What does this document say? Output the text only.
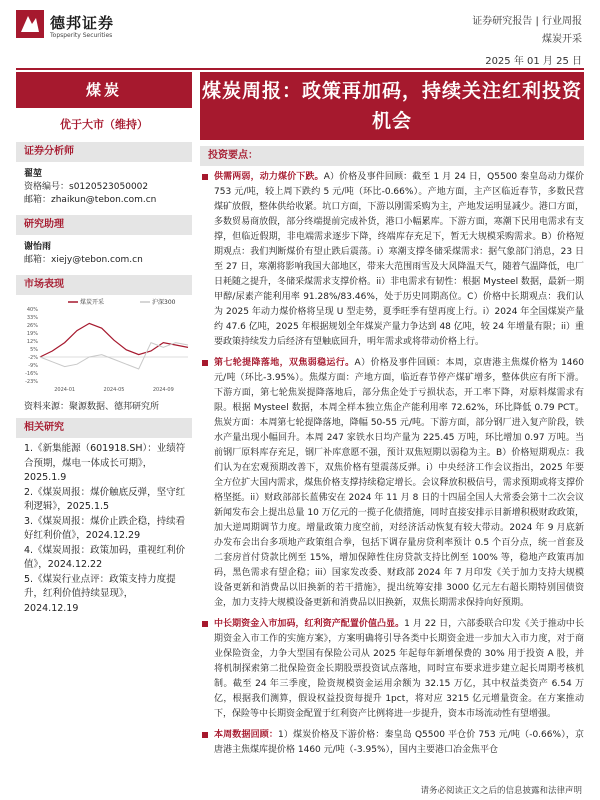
德邦证券
Topsperity Securities
证券研究报告 | 行业周报
煤炭开采
2025 年 01 月 25 日
煤炭
优于大市（维持）
证券分析师
翟堃
资格编号：s0120523050002
邮箱：zhaikun@tebon.com.cn
研究助理
谢怡雨
邮箱：xiejy@tebon.com.cn
市场表现
40%
33%
26%
19%
12%
5%
-2%
-9%
-16%
-23%
2024-01	2024-05	2024-09
煤炭开采	沪深300
资料来源：聚源数据、德邦研究所
相关研究
1.《新集能源（601918.SH）：业绩符合预期，煤电一体成长可期》，2025.1.9
2.《煤炭周报：煤价触底反弹，坚守红利逻辑》，2025.1.5
3.《煤炭周报：煤价止跌企稳，持续看好红利价值》，2024.12.29
4.《煤炭周报：政策加码，重视红利价值》，2024.12.22
5.《煤炭行业点评：政策支持力度提升，红利价值持续显现》，2024.12.19
煤炭周报：政策再加码，持续关注红利投资机会
投资要点：
供需两弱，动力煤价下跌。A）价格及事件回顾：截至 1 月 24 日，Q5500 秦皇岛动力煤价 753 元/吨，较上周下跌约 5 元/吨（环比-0.66%）。产地方面，主产区临近春节，多数民营煤矿放假，整体供给收紧。坑口方面，下游以刚需采购为主，产地发运明显减少。港口方面，多数贸易商放假，部分终端提前完成补货，港口小幅累库。下游方面，寒潮下民用电需求有支撑，但临近假期，非电端需求逐步下降，终端库存充足下，暂无大规模采购需求。B）价格短期观点：我们判断煤价有望止跌后震荡。i）寒潮支撑冬储采煤需求：据气象部门消息，23 日至 27 日，寒潮将影响我国大部地区，带来大范围雨雪及大风降温天气，随着气温降低，电厂日耗随之提升，冬储采煤需求支撑价格。ii）非电需求有韧性：根据 Mysteel 数据，最新一期甲醇/尿素产能利用率 91.28%/83.46%，处于历史同期高位。C）价格中长期观点：我们认为 2025 年动力煤价格将呈现 U 型走势，夏季旺季有望再度上行。i）2024 年全国煤炭产量约 47.6 亿吨，2025 年根据规划全年煤炭产量力争达到 48 亿吨，较 24 年增量有限；ii）重要政策持续发力后经济有望触底回升，明年需求或将带动价格上行。
第七轮提降落地，双焦弱稳运行。A）价格及事件回顾：本周，京唐港主焦煤价格为 1460 元/吨（环比-3.95%）。焦煤方面：产地方面，临近春节停产煤矿增多，整体供应有所下滑。下游方面，第七轮焦炭提降落地后，部分焦企处于亏损状态，开工率下降，对原料煤需求有限。根据 Mysteel 数据，本周全样本独立焦企产能利用率 72.62%，环比降低 0.79 PCT。焦炭方面：本周第七轮提降落地，降幅 50-55 元/吨。下游方面，部分钢厂进入复产阶段，铁水产量出现小幅回升。本周 247 家铁水日均产量为 225.45 万吨，环比增加 0.97 万吨。当前钢厂原料库存充足，钢厂补库意愿不强，预计双焦短期以弱稳为主。B）价格短期观点：我们认为在宏观预期改善下，双焦价格有望震荡反弹。i）中央经济工作会议指出，2025 年要全方位扩大国内需求，煤焦价格支撑持续稳定增长。会议释放积极信号，需求预期或将支撑价格坚挺。ii）财政部部长蓝佛安在 2024 年 11 月 8 日的十四届全国人大常委会第十二次会议新闻发布会上提出总量 10 万亿元的一揽子化债措施，同时直接安排示目新增积极财政政策，加大逆周期调节力度。增量政策力度空前，对经济活动恢复有较大带动。2024 年 9 月底新办发布会出台多项地产政策组合拳，包括下调存量房贷利率预计 0.5 个百分点，统一首套及二套房首付贷款比例至 15%，增加保障性住房贷款支持比例至 100% 等，稳地产政策再加码，黑色需求有望企稳；iii）国家发改委、财政部 2024 年 7 月印发《关于加力支持大规模设备更新和消费品以旧换新的若干措施》，提出统筹安排 3000 亿元左右超长期特别国债资金，加力支持大规模设备更新和消费品以旧换新，双焦长期需求保持向好预期。
中长期资金入市加码，红利资产配置价值凸显。1 月 22 日，六部委联合印发《关于推动中长期资金入市工作的实施方案》，方案明确将引导各类中长期资金进一步加大入市力度，对于商业保险资金，力争大型国有保险公司从 2025 年起每年新增保费的 30% 用于投资 A 股，并将机制探索第二批保险资金长期股票投资试点落地，同时宣布要求进步建立起长周期考核机制。截至 24 年三季度，险资规模资金运用余额为 32.15 万亿，其中权益类资产 6.54 万亿，根据我们测算，假设权益投资每提升 1pct，将对应 3215 亿元增量资金。在方案推动下，保险等中长期资金配置于红利资产比例将进一步提升，资本市场流动性有望增强。
本周数据回顾：1）煤炭价格及下游价格：秦皇岛 Q5500 平仓价 753 元/吨（-0.66%），京唐港主焦煤库提价格 1460 元/吨（-3.95%），国内主要港口冶金焦平仓
请务必阅读正文之后的信息披露和法律声明
